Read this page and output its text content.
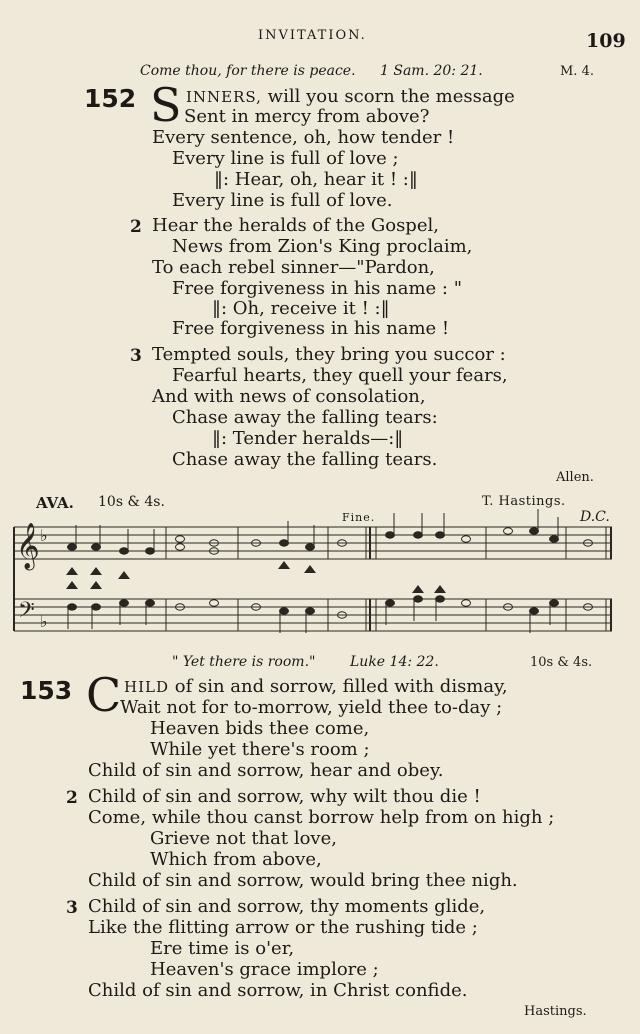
INVITATION.	109
Come thou, for there is peace. 1 Sam. 20: 21.	M. 4.
152 S INNERS, will you scorn the message
Sent in mercy from above?
Every sentence, oh, how tender !
Every line is full of love ;
‖: Hear, oh, hear it ! :‖
Every line is full of love.
2 Hear the heralds of the Gospel,
News from Zion's King proclaim,
To each rebel sinner—"Pardon,
Free forgiveness in his name : "
‖: Oh, receive it ! :‖
Free forgiveness in his name !
3 Tempted souls, they bring you succor :
Fearful hearts, they quell your fears,
And with news of consolation,
Chase away the falling tears:
‖: Tender heralds—:‖
Chase away the falling tears.
Allen.
AVA. 10s & 4s.	T. Hastings.
Fine.	D.C.
𝄞
𝄢
♭
♭
" Yet there is room." Luke 14: 22.	10s & 4s.
153 C HILD of sin and sorrow, filled with dismay,
Wait not for to-morrow, yield thee to-day ;
Heaven bids thee come,
While yet there's room ;
Child of sin and sorrow, hear and obey.
2 Child of sin and sorrow, why wilt thou die !
Come, while thou canst borrow help from on high ;
Grieve not that love,
Which from above,
Child of sin and sorrow, would bring thee nigh.
3 Child of sin and sorrow, thy moments glide,
Like the flitting arrow or the rushing tide ;
Ere time is o'er,
Heaven's grace implore ;
Child of sin and sorrow, in Christ confide.
Hastings.
